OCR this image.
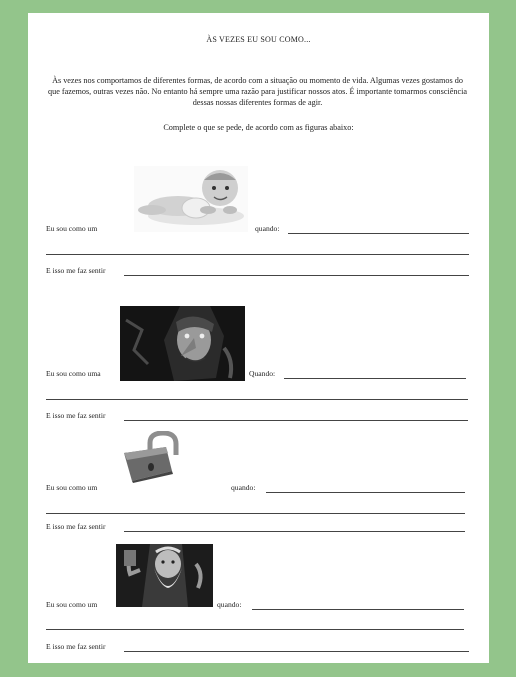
ÀS VEZES EU SOU COMO...
Às vezes nos comportamos de diferentes formas, de acordo com a situação ou momento de vida. Algumas vezes gostamos do que fazemos, outras vezes não. No entanto há sempre uma razão para justificar nossos atos. É importante tomarmos consciência dessas nossas diferentes formas de agir.
Complete o que se pede, de acordo com as figuras abaixo:
Eu sou como um	quando:
E isso me faz sentir
Eu sou como uma	Quando:
E isso me faz sentir
Eu sou como um	quando:
E isso me faz sentir
Eu sou como um	quando:
E isso me faz sentir
